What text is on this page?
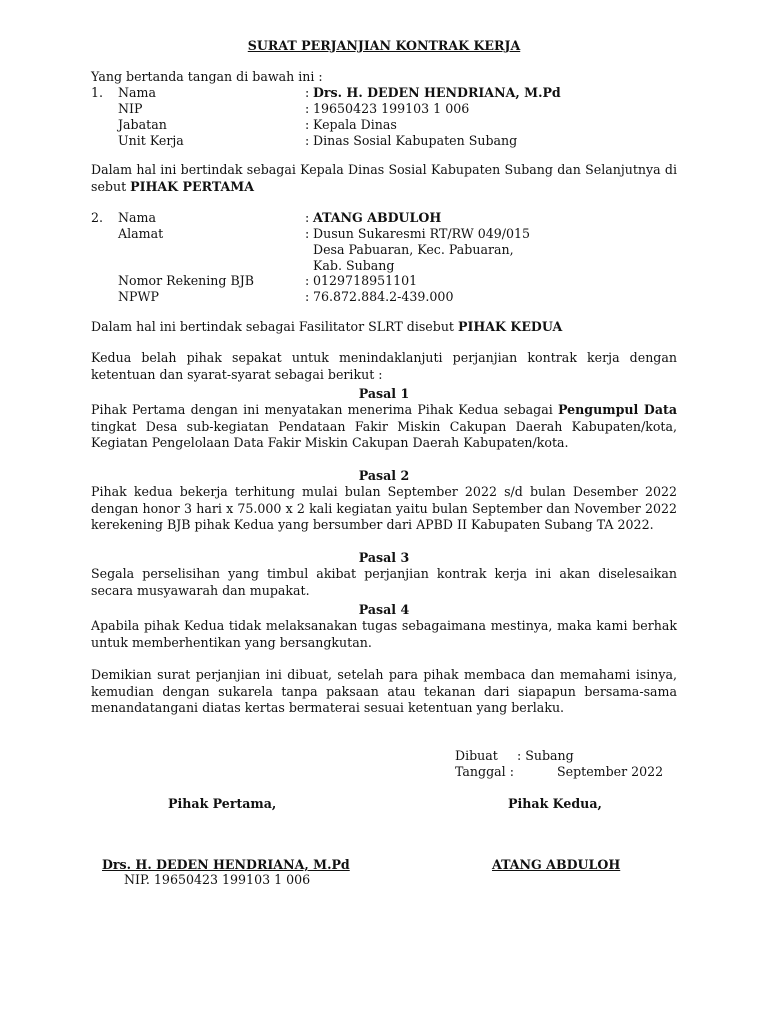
SURAT PERJANJIAN KONTRAK KERJA
Yang bertanda tangan di bawah ini :
1. Nama	: Drs. H. DEDEN HENDRIANA, M.Pd
NIP	: 19650423 199103 1 006
Jabatan	: Kepala Dinas
Unit Kerja	: Dinas Sosial Kabupaten Subang
Dalam hal ini bertindak sebagai Kepala Dinas Sosial Kabupaten Subang dan Selanjutnya di sebut PIHAK PERTAMA
2. Nama	: ATANG ABDULOH
Alamat	: Dusun Sukaresmi RT/RW 049/015
Desa Pabuaran, Kec. Pabuaran,
Kab. Subang
Nomor Rekening BJB	: 0129718951101
NPWP	: 76.872.884.2-439.000
Dalam hal ini bertindak sebagai Fasilitator SLRT disebut PIHAK KEDUA
Kedua belah pihak sepakat untuk menindaklanjuti perjanjian kontrak kerja dengan ketentuan dan syarat-syarat sebagai berikut :
Pasal 1
Pihak Pertama dengan ini menyatakan menerima Pihak Kedua sebagai Pengumpul Data tingkat Desa sub-kegiatan Pendataan Fakir Miskin Cakupan Daerah Kabupaten/kota, Kegiatan Pengelolaan Data Fakir Miskin Cakupan Daerah Kabupaten/kota.
Pasal 2
Pihak kedua bekerja terhitung mulai bulan September 2022 s/d bulan Desember 2022 dengan honor 3 hari x 75.000 x 2 kali kegiatan yaitu bulan September dan November 2022 kerekening BJB pihak Kedua yang bersumber dari APBD II Kabupaten Subang TA 2022.
Pasal 3
Segala perselisihan yang timbul akibat perjanjian kontrak kerja ini akan diselesaikan secara musyawarah dan mupakat.
Pasal 4
Apabila pihak Kedua tidak melaksanakan tugas sebagaimana mestinya, maka kami berhak untuk memberhentikan yang bersangkutan.
Demikian surat perjanjian ini dibuat, setelah para pihak membaca dan memahami isinya, kemudian dengan sukarela tanpa paksaan atau tekanan dari siapapun bersama-sama menandatangani diatas kertas bermaterai sesuai ketentuan yang berlaku.
Dibuat : Subang
Tanggal :	September 2022
Pihak Pertama,	Pihak Kedua,
Drs. H. DEDEN HENDRIANA, M.Pd
NIP. 19650423 199103 1 006
ATANG ABDULOH
